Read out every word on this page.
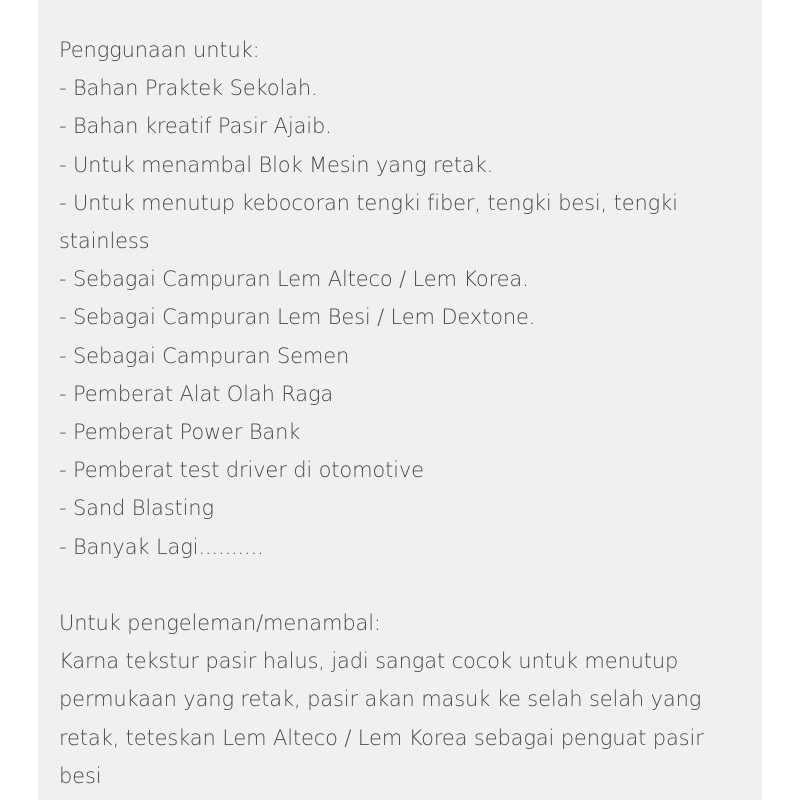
Penggunaan untuk:
- Bahan Praktek Sekolah.
- Bahan kreatif Pasir Ajaib.
- Untuk menambal Blok Mesin yang retak.
- Untuk menutup kebocoran tengki fiber, tengki besi, tengki stainless
- Sebagai Campuran Lem Alteco / Lem Korea.
- Sebagai Campuran Lem Besi / Lem Dextone.
- Sebagai Campuran Semen
- Pemberat Alat Olah Raga
- Pemberat Power Bank
- Pemberat test driver di otomotive
- Sand Blasting
- Banyak Lagi..........
Untuk pengeleman/menambal:
Karna tekstur pasir halus, jadi sangat cocok untuk menutup permukaan yang retak, pasir akan masuk ke selah selah yang retak, teteskan Lem Alteco / Lem Korea sebagai penguat pasir besi
